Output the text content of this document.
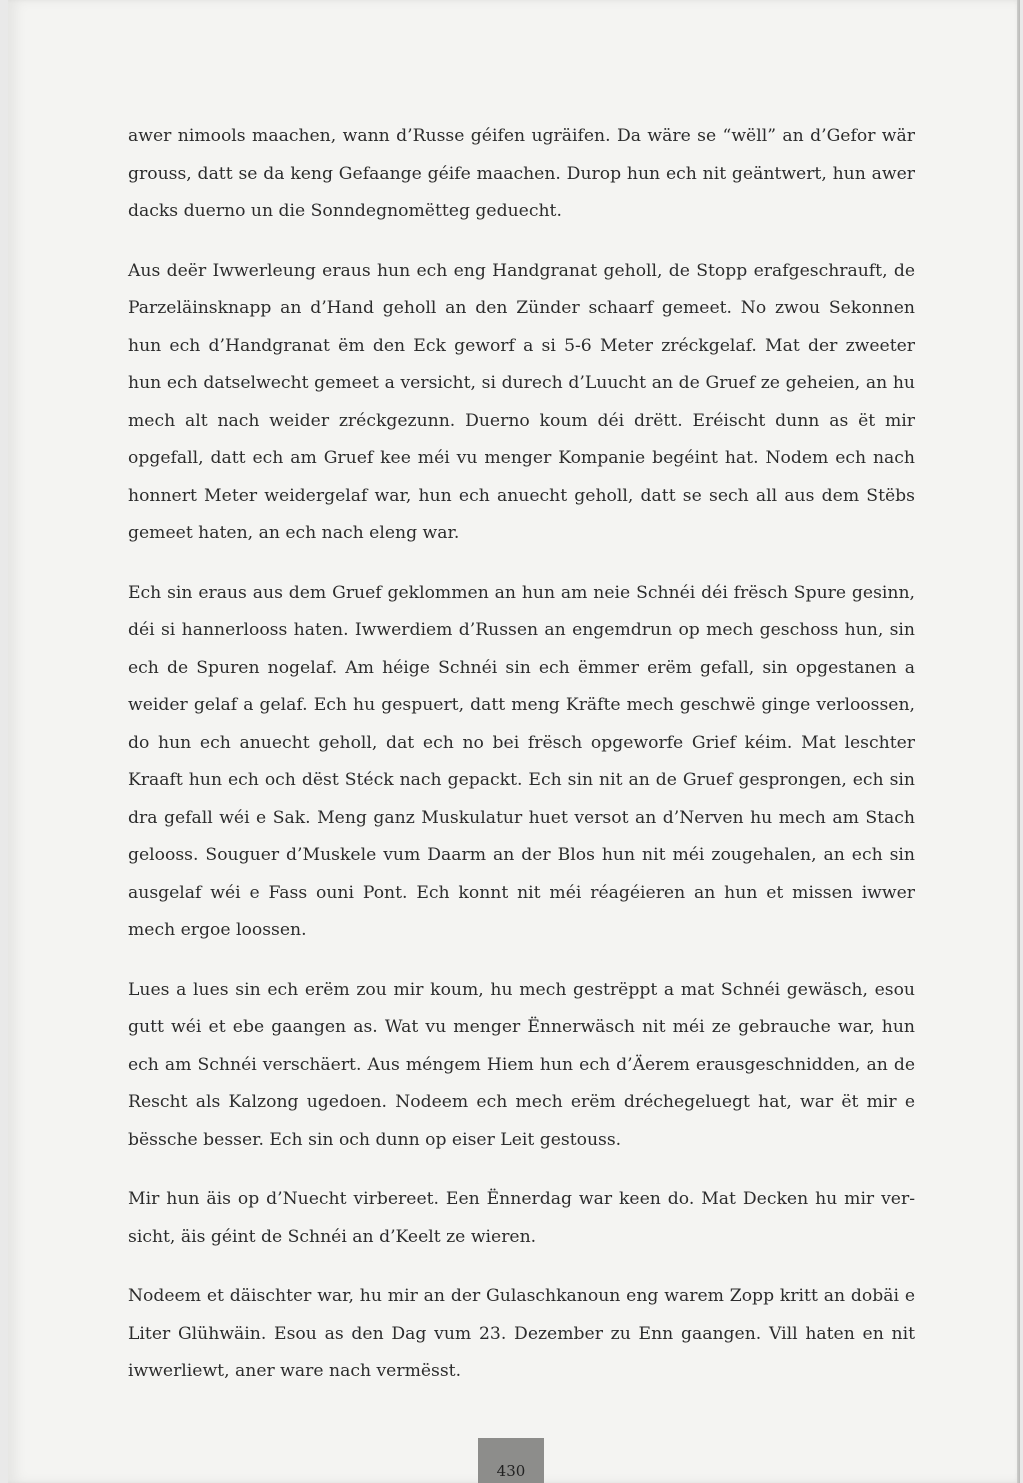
awer nimools maachen, wann d’Russe géifen ugräifen. Da wäre se “wëll” an d’Gefor wär grouss, datt se da keng Gefaange géife maachen. Durop hun ech nit geäntwert, hun awer dacks duerno un die Sonndegnomëtteg geduecht.

Aus deër Iwwerleung eraus hun ech eng Handgranat geholl, de Stopp erafgeschrauft, de Parzeläinsknapp an d’Hand geholl an den Zünder schaarf gemeet. No zwou Sekonnen hun ech d’Handgranat ëm den Eck geworf a si 5-6 Meter zréckgelaf. Mat der zweeter hun ech datselwecht gemeet a versicht, si durech d’Luucht an de Gruef ze geheien, an hu mech alt nach weider zréckgezunn. Duerno koum déi drëtt. Eréischt dunn as ët mir opgefall, datt ech am Gruef kee méi vu menger Kompanie begéint hat. Nodem ech nach honnert Meter weidergelaf war, hun ech anuecht geholl, datt se sech all aus dem Stëbs gemeet haten, an ech nach eleng war.

Ech sin eraus aus dem Gruef geklommen an hun am neie Schnéi déi frësch Spure gesinn, déi si hannerlooss haten. Iwwerdiem d’Russen an engemdrun op mech geschoss hun, sin ech de Spuren nogelaf. Am héige Schnéi sin ech ëmmer erëm gefall, sin opgestanen a weider gelaf a gelaf. Ech hu gespuert, datt meng Kräfte mech geschwë ginge verloossen, do hun ech anuecht geholl, dat ech no bei frësch opgeworfe Grief kéim. Mat leschter Kraaft hun ech och dëst Stéck nach gepackt. Ech sin nit an de Gruef gesprongen, ech sin dra gefall wéi e Sak. Meng ganz Muskulatur huet versot an d’Nerven hu mech am Stach gelooss. Souguer d’Muskele vum Daarm an der Blos hun nit méi zougehalen, an ech sin ausgelaf wéi e Fass ouni Pont. Ech konnt nit méi réagéieren an hun et missen iwwer mech ergoe loossen.

Lues a lues sin ech erëm zou mir koum, hu mech gestrëppt a mat Schnéi gewäsch, esou gutt wéi et ebe gaangen as. Wat vu menger Ënnerwäsch nit méi ze gebrauche war, hun ech am Schnéi verschäert. Aus méngem Hiem hun ech d’Äerem erausgeschnidden, an de Rescht als Kalzong ugedoen. Nodeem ech mech erëm dréchegeluegt hat, war ët mir e bëssche besser. Ech sin och dunn op eiser Leit gestouss.

Mir hun äis op d’Nuecht virbereet. Een Ënnerdag war keen do. Mat Decken hu mir versicht, äis géint de Schnéi an d’Keelt ze wieren.

Nodeem et däischter war, hu mir an der Gulaschkanoun eng warem Zopp kritt an dobäi e Liter Glühwäin. Esou as den Dag vum 23. Dezember zu Enn gaangen. Vill haten en nit iwwerliewt, aner ware nach vermësst.

430
